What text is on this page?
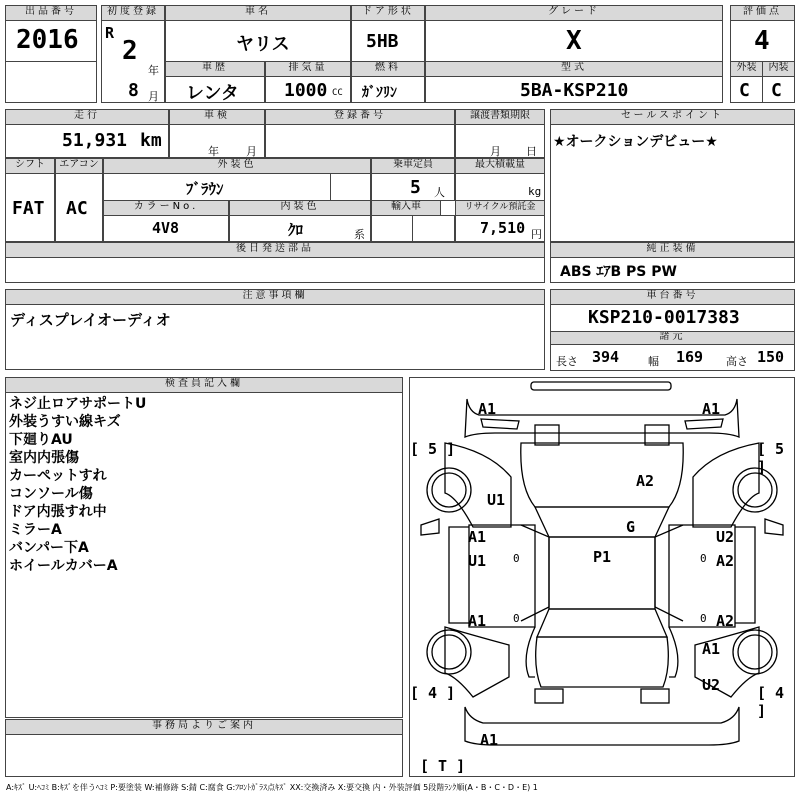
出品番号
2016
初度登録
R
2
年
8 月
車名
ヤリス
ドア形状
5HB
グレード
X
評価点
4
車歴
レンタ
排気量
1000 CC
燃料
ｶﾞｿﾘﾝ
型式
5BA-KSP210
外装	内装
C C
走行
51,931 km
車検
年 月
登録番号	譲渡書類期限
月 日
セールスポイント
★オークションデビュー★
シフト
FAT
エアコン
AC
外装色
ﾌﾞﾗｳﾝ
乗車定員
5 人
最大積載量
kg
カラーNo.
4V8
内装色
ｸﾛ	系
輸入車	リサイクル預託金
7,510 円
後日発送部品	純正装備
ABS ｴｱB PS PW
注意事項欄
ディスプレイオーディオ
車台番号
KSP210-0017383
諸元
長さ 394	幅 169 高さ 150
検査員記入欄
ネジ止ロアサポートU
外装うすい線キズ
下廻りAU
室内内張傷
カーペットすれ
コンソール傷
ドア内張すれ中
ミラーA
バンパー下A
ホイールカバーA
事務局よりご案内
A1	A1
[ 5 ]	[ 5 ]
U1
A2
G
A1
U1
U2
A2
P1
0	0
0	0
A1	A2
A1
U2
[ 4 ]	[ 4 ]
A1
[ T ]
A:ｷｽﾞ U:ﾍｺﾐ B:ｷｽﾞを伴うﾍｺﾐ P:要塗装 W:補修跡 S:錆 C:腐食 G:ﾌﾛﾝﾄｶﾞﾗｽ点ｷｽﾞ XX:交換済み X:要交換 内・外装評価 5段階ﾗﾝｸ順(A・B・C・D・E) 1
